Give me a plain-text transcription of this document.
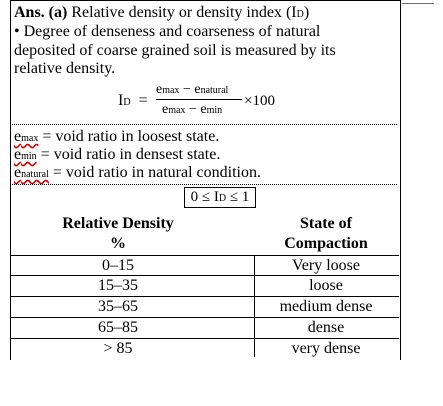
Ans. (a) Relative density or density index (ID)
• Degree of denseness and coarseness of natural
deposited of coarse grained soil is measured by its
relative density.
ID =
emax − enatural
emax − emin
×100
emax = void ratio in loosest state.
emin = void ratio in densest state.
enatural = void ratio in natural condition.
0 ≤ ID ≤ 1
Relative Density
%
State of
Compaction
0–15	Very loose
15–35	loose
35–65	medium dense
65–85	dense
> 85	very dense
